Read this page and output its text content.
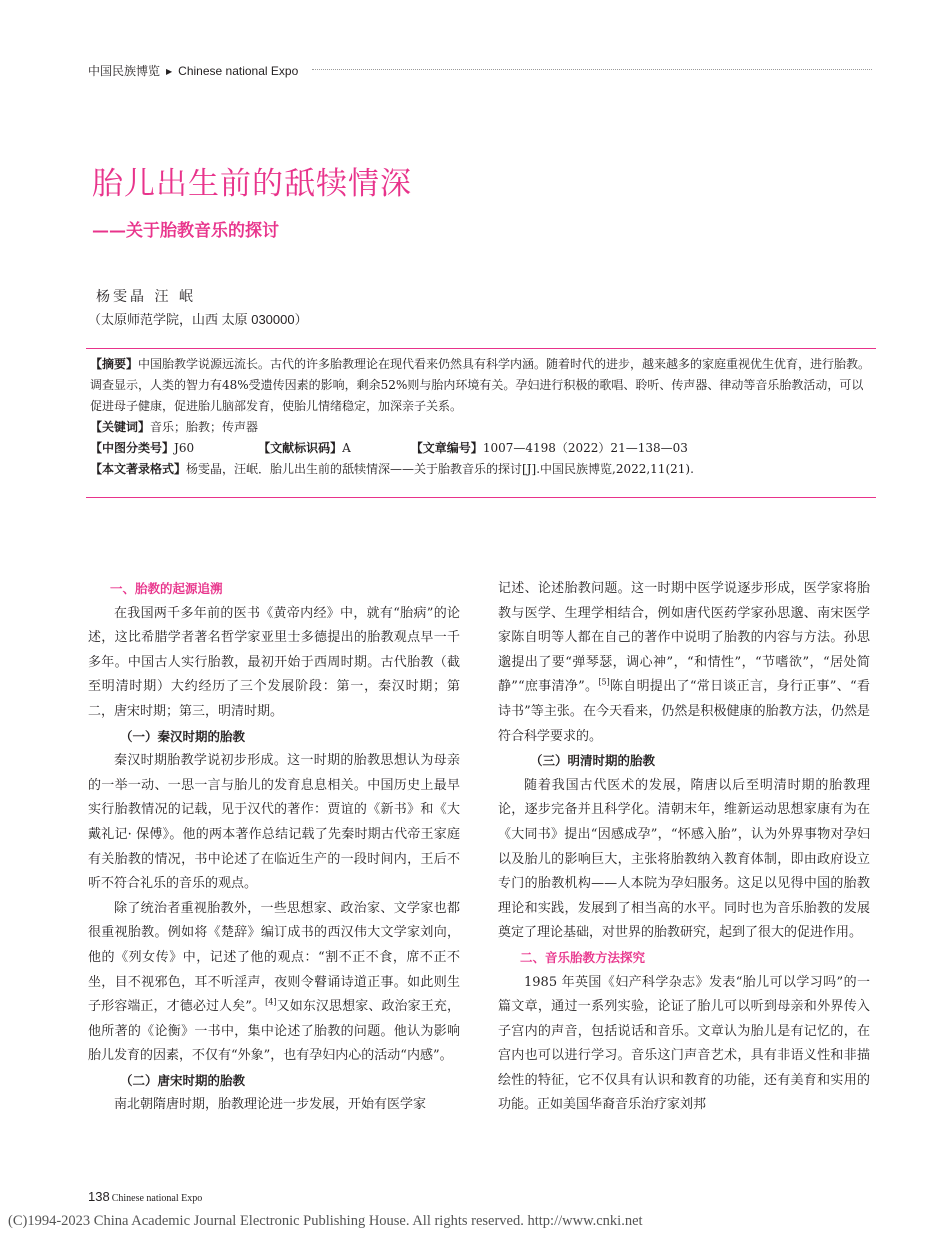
中国民族博览 ▶ Chinese national Expo
胎儿出生前的舐犊情深
——关于胎教音乐的探讨
杨雯晶 汪 岷
（太原师范学院，山西 太原 030000）

【摘要】中国胎教学说源远流长。古代的许多胎教理论在现代看来仍然具有科学内涵。随着时代的进步，越来越多的家庭重视优生优育，进行胎教。调查显示，人类的智力有48%受遗传因素的影响，剩余52%则与胎内环境有关。孕妇进行积极的歌唱、聆听、传声器、律动等音乐胎教活动，可以促进母子健康，促进胎儿脑部发育，使胎儿情绪稳定，加深亲子关系。

【关键词】音乐；胎教；传声器

【中图分类号】J60	【文献标识码】A	【文章编号】1007—4198（2022）21—138—03

【本文著录格式】杨雯晶，汪岷．胎儿出生前的舐犊情深——关于胎教音乐的探讨[J].中国民族博览,2022,11(21).

一、胎教的起源追溯

在我国两千多年前的医书《黄帝内经》中，就有“胎病”的论述，这比希腊学者著名哲学家亚里士多德提出的胎教观点早一千多年。中国古人实行胎教，最初开始于西周时期。古代胎教（截至明清时期）大约经历了三个发展阶段：第一，秦汉时期；第二，唐宋时期；第三，明清时期。

（一）秦汉时期的胎教

秦汉时期胎教学说初步形成。这一时期的胎教思想认为母亲的一举一动、一思一言与胎儿的发育息息相关。中国历史上最早实行胎教情况的记载，见于汉代的著作：贾谊的《新书》和《大戴礼记· 保傅》。他的两本著作总结记载了先秦时期古代帝王家庭有关胎教的情况，书中论述了在临近生产的一段时间内，王后不听不符合礼乐的音乐的观点。

除了统治者重视胎教外，一些思想家、政治家、文学家也都很重视胎教。例如将《楚辞》编订成书的西汉伟大文学家刘向，他的《列女传》中，记述了他的观点：“割不正不食，席不正不坐，目不视邪色，耳不听淫声，夜则令瞽诵诗道正事。如此则生子形容端正，才德必过人矣”。[4]又如东汉思想家、政治家王充，他所著的《论衡》一书中，集中论述了胎教的问题。他认为影响胎儿发育的因素，不仅有“外象”，也有孕妇内心的活动“内感”。

（二）唐宋时期的胎教

南北朝隋唐时期，胎教理论进一步发展，开始有医学家

记述、论述胎教问题。这一时期中医学说逐步形成，医学家将胎教与医学、生理学相结合，例如唐代医药学家孙思邈、南宋医学家陈自明等人都在自己的著作中说明了胎教的内容与方法。孙思邈提出了要“弹琴瑟，调心神”，“和情性”，“节嗜欲”，“居处简静”“庶事清净”。[5]陈自明提出了“常日谈正言，身行正事”、“看诗书”等主张。在今天看来，仍然是积极健康的胎教方法，仍然是符合科学要求的。

（三）明清时期的胎教

随着我国古代医术的发展，隋唐以后至明清时期的胎教理论，逐步完备并且科学化。清朝末年，维新运动思想家康有为在《大同书》提出“因感成孕”，“怀感入胎”，认为外界事物对孕妇以及胎儿的影响巨大，主张将胎教纳入教育体制，即由政府设立专门的胎教机构——人本院为孕妇服务。这足以见得中国的胎教理论和实践，发展到了相当高的水平。同时也为音乐胎教的发展奠定了理论基础，对世界的胎教研究，起到了很大的促进作用。

二、音乐胎教方法探究

1985 年英国《妇产科学杂志》发表“胎儿可以学习吗”的一篇文章，通过一系列实验，论证了胎儿可以听到母亲和外界传入子宫内的声音，包括说话和音乐。文章认为胎儿是有记忆的，在宫内也可以进行学习。音乐这门声音艺术，具有非语义性和非描绘性的特征，它不仅具有认识和教育的功能，还有美育和实用的功能。正如美国华裔音乐治疗家刘邦

138 Chinese national Expo
(C)1994-2023 China Academic Journal Electronic Publishing House. All rights reserved. http://www.cnki.net
